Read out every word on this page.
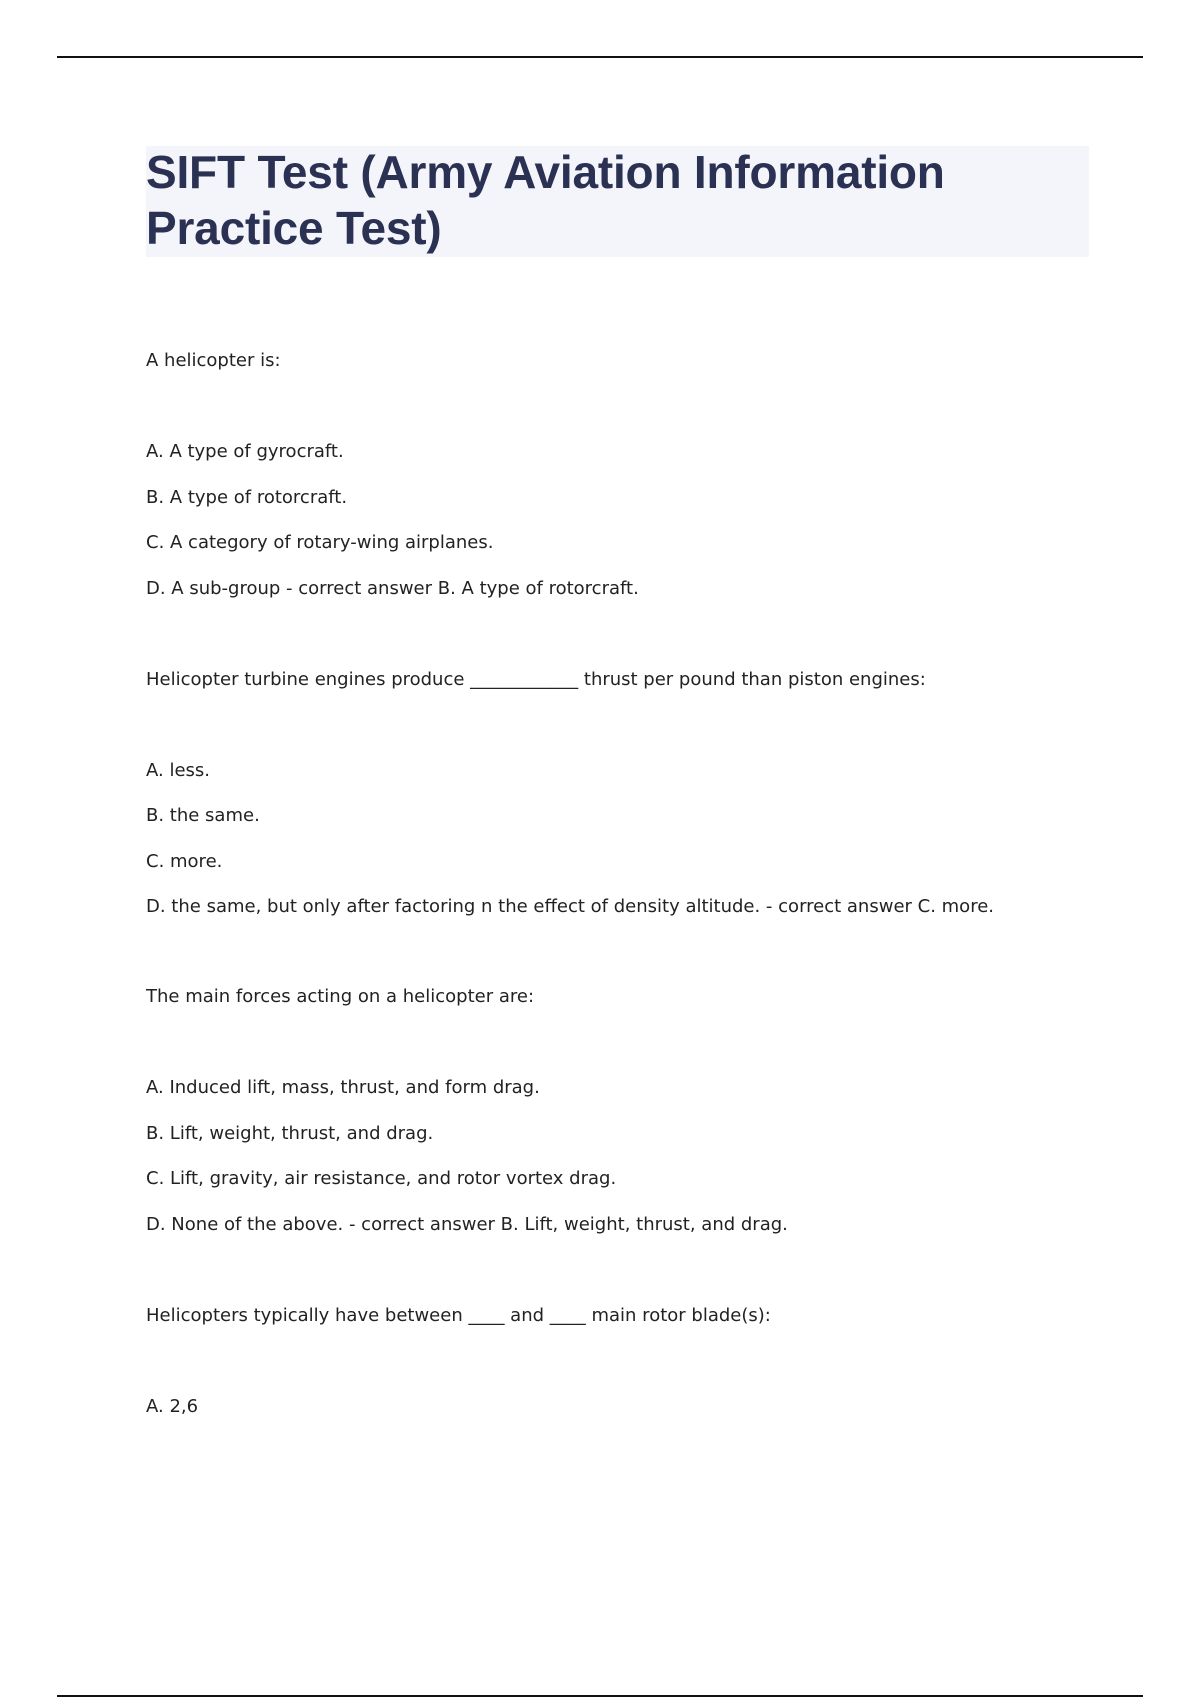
SIFT Test (Army Aviation Information Practice Test)

A helicopter is:

A. A type of gyrocraft.

B. A type of rotorcraft.

C. A category of rotary-wing airplanes.

D. A sub-group - correct answer B. A type of rotorcraft.

Helicopter turbine engines produce ____________ thrust per pound than piston engines:

A. less.

B. the same.

C. more.

D. the same, but only after factoring n the effect of density altitude. - correct answer C. more.

The main forces acting on a helicopter are:

A. Induced lift, mass, thrust, and form drag.

B. Lift, weight, thrust, and drag.

C. Lift, gravity, air resistance, and rotor vortex drag.

D. None of the above. - correct answer B. Lift, weight, thrust, and drag.

Helicopters typically have between ____ and ____ main rotor blade(s):

A. 2,6
